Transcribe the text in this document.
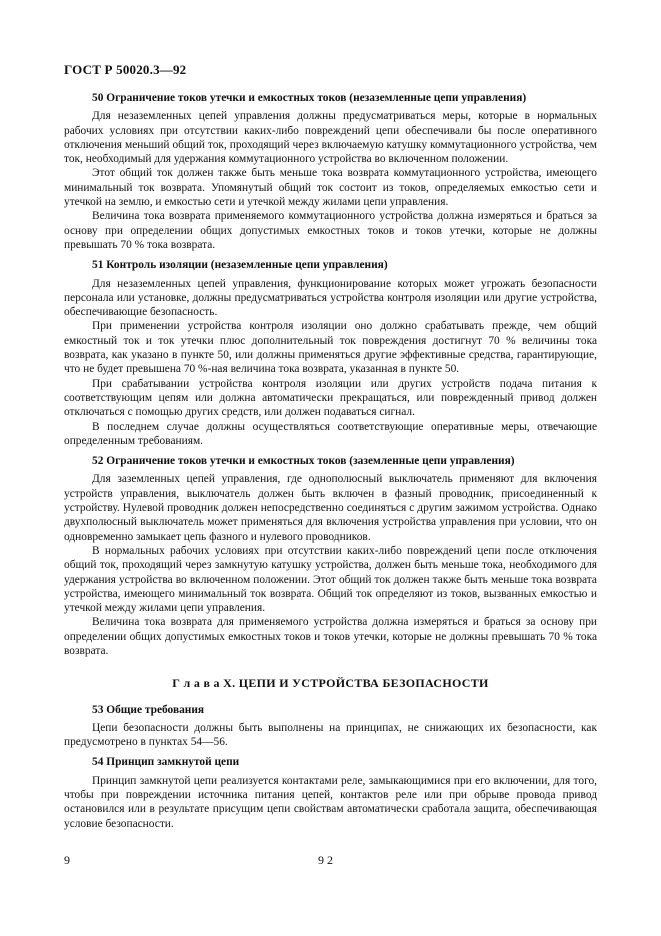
ГОСТ Р 50020.3—92
50 Ограничение токов утечки и емкостных токов (незаземленные цепи управления)

Для незаземленных цепей управления должны предусматриваться меры, которые в нормальных рабочих условиях при отсутствии каких-либо повреждений цепи обеспечивали бы после оперативного отключения меньший общий ток, проходящий через включаемую катушку коммутационного устройства, чем ток, необходимый для удержания коммутационного устройства во включенном положении.

Этот общий ток должен также быть меньше тока возврата коммутационного устройства, имеющего минимальный ток возврата. Упомянутый общий ток состоит из токов, определяемых емкостью сети и утечкой на землю, и емкостью сети и утечкой между жилами цепи управления.

Величина тока возврата применяемого коммутационного устройства должна измеряться и браться за основу при определении общих допустимых емкостных токов и токов утечки, которые не должны превышать 70 % тока возврата.

51 Контроль изоляции (незаземленные цепи управления)

Для незаземленных цепей управления, функционирование которых может угрожать безопасности персонала или установке, должны предусматриваться устройства контроля изоляции или другие устройства, обеспечивающие безопасность.

При применении устройства контроля изоляции оно должно срабатывать прежде, чем общий емкостный ток и ток утечки плюс дополнительный ток повреждения достигнут 70 % величины тока возврата, как указано в пункте 50, или должны применяться другие эффективные средства, гарантирующие, что не будет превышена 70 %-ная величина тока возврата, указанная в пункте 50.

При срабатывании устройства контроля изоляции или других устройств подача питания к соответствующим цепям или должна автоматически прекращаться, или поврежденный привод должен отключаться с помощью других средств, или должен подаваться сигнал.

В последнем случае должны осуществляться соответствующие оперативные меры, отвечающие определенным требованиям.

52 Ограничение токов утечки и емкостных токов (заземленные цепи управления)

Для заземленных цепей управления, где однополюсный выключатель применяют для включения устройств управления, выключатель должен быть включен в фазный проводник, присоединенный к устройству. Нулевой проводник должен непосредственно соединяться с другим зажимом устройства. Однако двухполюсный выключатель может применяться для включения устройства управления при условии, что он одновременно замыкает цепь фазного и нулевого проводников.

В нормальных рабочих условиях при отсутствии каких-либо повреждений цепи после отключения общий ток, проходящий через замкнутую катушку устройства, должен быть меньше тока, необходимого для удержания устройства во включенном положении. Этот общий ток должен также быть меньше тока возврата устройства, имеющего минимальный ток возврата. Общий ток определяют из токов, вызванных емкостью и утечкой между жилами цепи управления.

Величина тока возврата для применяемого устройства должна измеряться и браться за основу при определении общих допустимых емкостных токов и токов утечки, которые не должны превышать 70 % тока возврата.

Г л а в а X. ЦЕПИ И УСТРОЙСТВА БЕЗОПАСНОСТИ
53 Общие требования

Цепи безопасности должны быть выполнены на принципах, не снижающих их безопасности, как предусмотрено в пунктах 54—56.

54 Принцип замкнутой цепи

Принцип замкнутой цепи реализуется контактами реле, замыкающимися при его включении, для того, чтобы при повреждении источника питания цепей, контактов реле или при обрыве провода привод остановился или в результате присущим цепи свойствам автоматически сработала защита, обеспечивающая условие безопасности.

9	92
